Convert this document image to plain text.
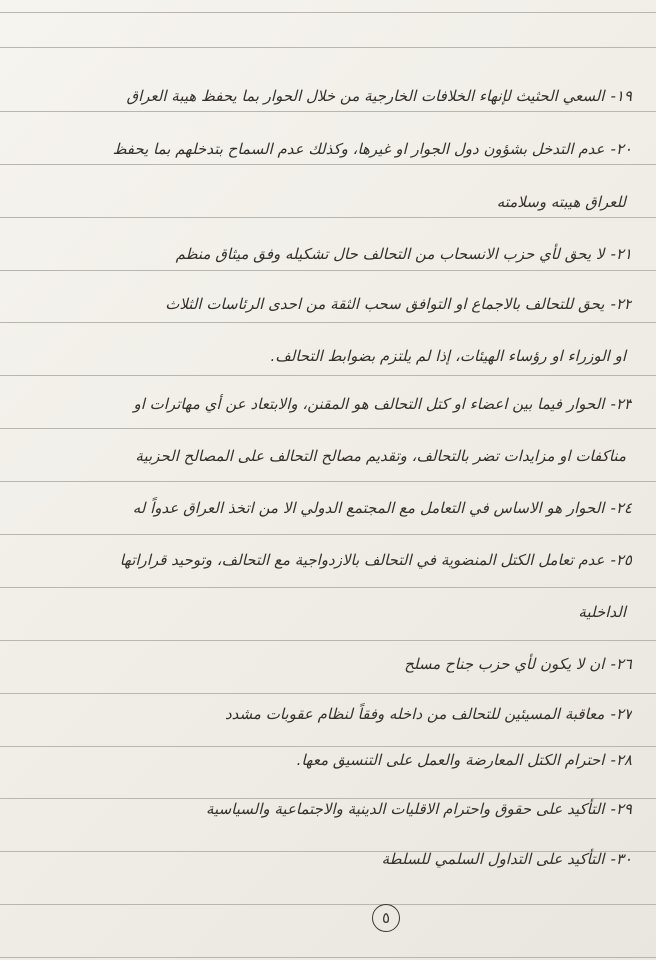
١٩-السعي الحثيث لإنهاء الخلافات الخارجية من خلال الحوار بما يحفظ هيبة العراق
٢٠-عدم التدخل بشؤون دول الجوار او غيرها، وكذلك عدم السماح بتدخلهم بما يحفظ
للعراق هيبته وسلامته
٢١-لا يحق لأي حزب الانسحاب من التحالف حال تشكيله وفق ميثاق منظم
٢٢-يحق للتحالف بالاجماع او التوافق سحب الثقة من احدى الرئاسات الثلاث
او الوزراء او رؤساء الهيئات، إذا لم يلتزم بضوابط التحالف.
٢٣-الحوار فيما بين اعضاء او كتل التحالف هو المقنن، والابتعاد عن أي مهاترات او
مناكفات او مزايدات تضر بالتحالف، وتقديم مصالح التحالف على المصالح الحزبية
٢٤-الحوار هو الاساس في التعامل مع المجتمع الدولي الا من اتخذ العراق عدواً له
٢٥-عدم تعامل الكتل المنضوية في التحالف بالازدواجية مع التحالف، وتوحيد قراراتها
الداخلية
٢٦-ان لا يكون لأي حزب جناح مسلح
٢٧-معاقبة المسيئين للتحالف من داخله وفقاً لنظام عقوبات مشدد
٢٨-احترام الكتل المعارضة والعمل على التنسيق معها.
٢٩-التأكيد على حقوق واحترام الاقليات الدينية والاجتماعية والسياسية
٣٠-التأكيد على التداول السلمي للسلطة
٥
